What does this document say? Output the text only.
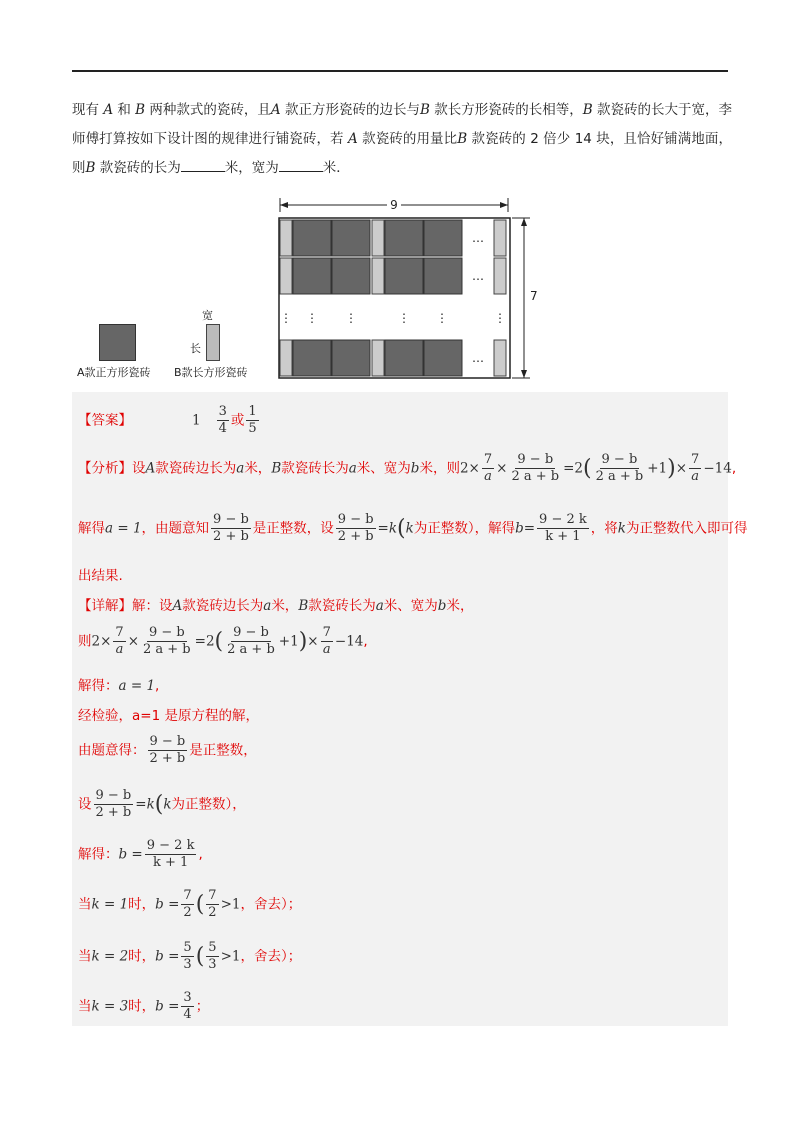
现有 A 和 B 两种款式的瓷砖，且A 款正方形瓷砖的边长与B 款长方形瓷砖的长相等，B 款瓷砖的长大于宽，李师傅打算按如下设计图的规律进行铺瓷砖，若 A 款瓷砖的用量比B 款瓷砖的 2 倍少 14 块，且恰好铺满地面，则B 款瓷砖的长为	米，宽为	米．
9
…
…
⋮ ⋮ ⋮	⋮ ⋮	⋮
…
7
宽
长
A款正方形瓷砖 B款长方形瓷砖
【答案】	$1 \frac{3}{4}$ 或 $\frac{1}{5}$
【分析】设A款瓷砖边长为a米，B款瓷砖长为a米、宽为b米，则$2\times \frac{7}{a} \times \frac{9 - b}{2 a + b} =2( \frac{9 - b}{2 a + b} +1)\times \frac{7}{a} -14$,
解得a = 1，由题意知 $\frac{9 - b}{2 + b}$ 是正整数，设 $\frac{9 - b}{2 + b} =k(k$为正整数），解得$b= \frac{9 - 2 k}{k + 1}$ ，将k为正整数代入即可得
出结果.
【详解】解：设A款瓷砖边长为a米，B款瓷砖长为a米、宽为b米，
则$2\times \frac{7}{a} \times \frac{9 - b}{2 a + b} =2( \frac{9 - b}{2 a + b} +1)\times \frac{7}{a} -14$,
解得：a = 1,
经检验，a=1 是原方程的解，
由题意得： $\frac{9 - b}{2 + b}$ 是正整数，
设 $\frac{9 - b}{2 + b} =k(k$为正整数），
解得：$b = \frac{9 - 2 k}{k + 1}$ ,
当k = 1时，$b = \frac{7}{2}$ ( $\frac{7}{2} >1$，舍去）；
当k = 2时，$b = \frac{5}{3}$ ( $\frac{5}{3} >1$，舍去）；
当k = 3时，$b = \frac{3}{4}$ ；
